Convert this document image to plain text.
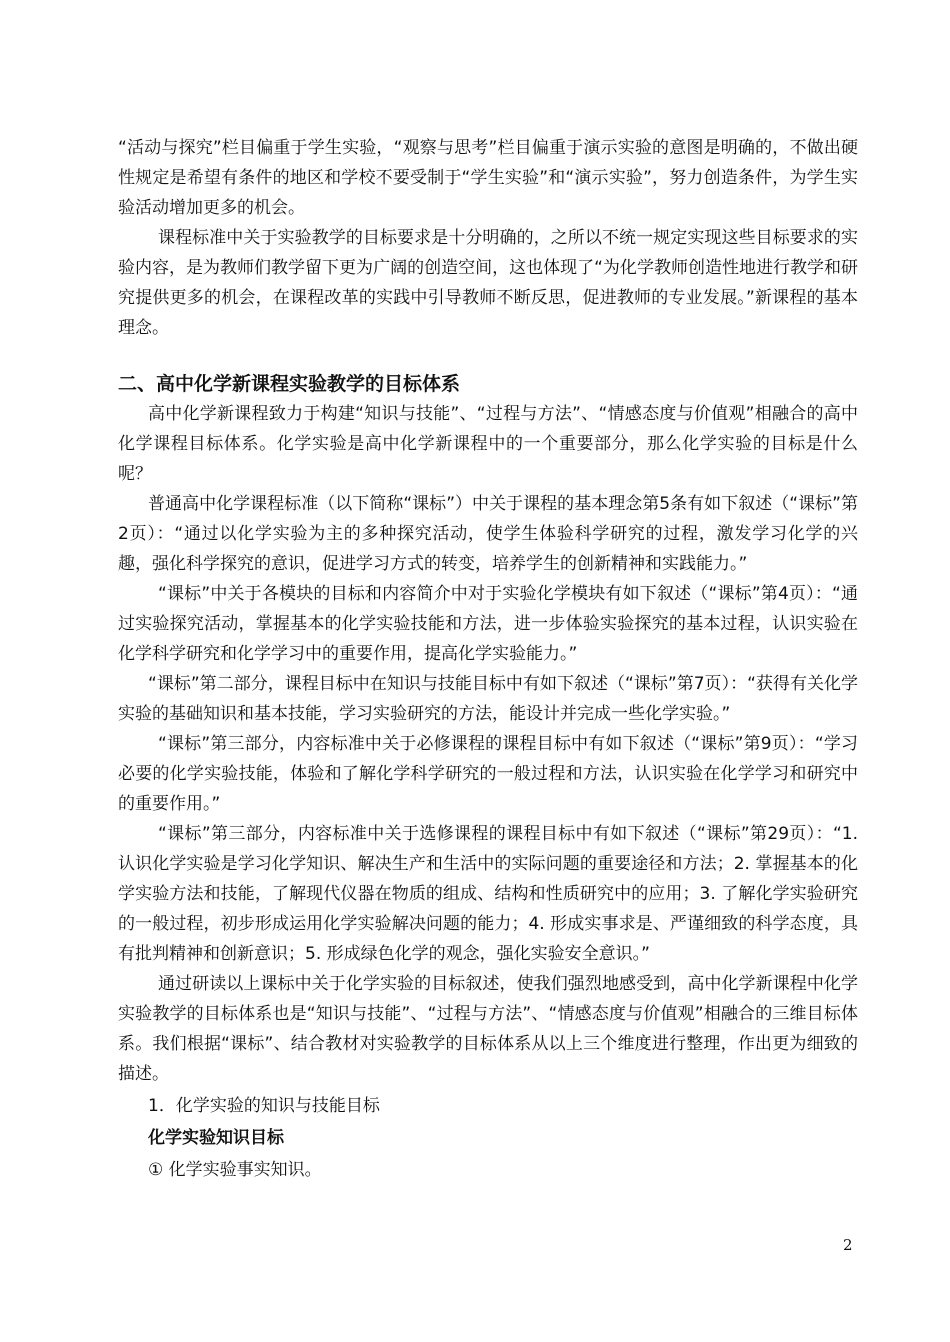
“活动与探究”栏目偏重于学生实验，“观察与思考”栏目偏重于演示实验的意图是明确的，不做出硬性规定是希望有条件的地区和学校不要受制于“学生实验”和“演示实验”，努力创造条件，为学生实验活动增加更多的机会。

课程标准中关于实验教学的目标要求是十分明确的，之所以不统一规定实现这些目标要求的实验内容，是为教师们教学留下更为广阔的创造空间，这也体现了“为化学教师创造性地进行教学和研究提供更多的机会，在课程改革的实践中引导教师不断反思，促进教师的专业发展。”新课程的基本理念。

二、高中化学新课程实验教学的目标体系

高中化学新课程致力于构建“知识与技能”、“过程与方法”、“情感态度与价值观”相融合的高中化学课程目标体系。化学实验是高中化学新课程中的一个重要部分，那么化学实验的目标是什么呢？

普通高中化学课程标准（以下简称“课标”）中关于课程的基本理念第5条有如下叙述（“课标”第2页）：“通过以化学实验为主的多种探究活动，使学生体验科学研究的过程，激发学习化学的兴趣，强化科学探究的意识，促进学习方式的转变，培养学生的创新精神和实践能力。”

“课标”中关于各模块的目标和内容简介中对于实验化学模块有如下叙述（“课标”第4页）：“通过实验探究活动，掌握基本的化学实验技能和方法，进一步体验实验探究的基本过程，认识实验在化学科学研究和化学学习中的重要作用，提高化学实验能力。”

“课标”第二部分，课程目标中在知识与技能目标中有如下叙述（“课标”第7页）：“获得有关化学实验的基础知识和基本技能，学习实验研究的方法，能设计并完成一些化学实验。”

“课标”第三部分，内容标准中关于必修课程的课程目标中有如下叙述（“课标”第9页）：“学习必要的化学实验技能，体验和了解化学科学研究的一般过程和方法，认识实验在化学学习和研究中的重要作用。”

“课标”第三部分，内容标准中关于选修课程的课程目标中有如下叙述（“课标”第29页）：“1. 认识化学实验是学习化学知识、解决生产和生活中的实际问题的重要途径和方法；2. 掌握基本的化学实验方法和技能，了解现代仪器在物质的组成、结构和性质研究中的应用；3. 了解化学实验研究的一般过程，初步形成运用化学实验解决问题的能力；4. 形成实事求是、严谨细致的科学态度，具有批判精神和创新意识；5. 形成绿色化学的观念，强化实验安全意识。”

通过研读以上课标中关于化学实验的目标叙述，使我们强烈地感受到，高中化学新课程中化学实验教学的目标体系也是“知识与技能”、“过程与方法”、“情感态度与价值观”相融合的三维目标体系。我们根据“课标”、结合教材对实验教学的目标体系从以上三个维度进行整理，作出更为细致的描述。

1．化学实验的知识与技能目标

化学实验知识目标

① 化学实验事实知识。

2
